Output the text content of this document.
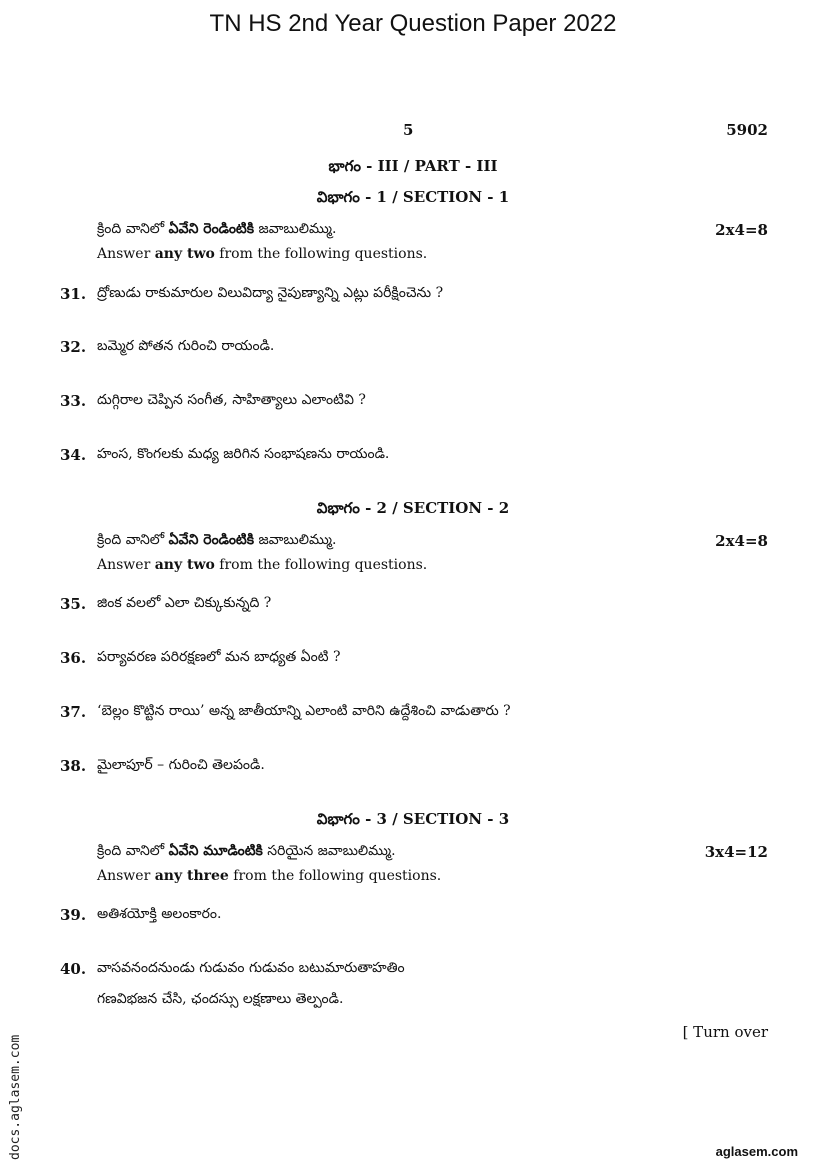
TN HS 2nd Year Question Paper 2022
5	5902
భాగం - III / PART - III
విభాగం - 1 / SECTION - 1
క్రింది వానిలో ఏవేని రెండింటికి జవాబులిమ్ము.	2x4=8
Answer any two from the following questions.
31. ద్రోణుడు రాకుమారుల విలువిద్యా నైపుణ్యాన్ని ఎట్లు పరీక్షించెను ?
32. బమ్మెర పోతన గురించి రాయండి.
33. దుగ్గిరాల చెప్పిన సంగీత, సాహిత్యాలు ఎలాంటివి ?
34. హంస, కొంగలకు మధ్య జరిగిన సంభాషణను రాయండి.
విభాగం - 2 / SECTION - 2
క్రింది వానిలో ఏవేని రెండింటికి జవాబులిమ్ము.	2x4=8
Answer any two from the following questions.
35. జింక వలలో ఎలా చిక్కుకున్నది ?
36. పర్యావరణ పరిరక్షణలో మన బాధ్యత ఏంటి ?
37. ‘బెల్లం కొట్టిన రాయి’ అన్న జాతీయాన్ని ఎలాంటి వారిని ఉద్దేశించి వాడుతారు ?
38. మైలాపూర్ – గురించి తెలపండి.
విభాగం - 3 / SECTION - 3
క్రింది వానిలో ఏవేని మూడింటికి సరియైన జవాబులిమ్ము.	3x4=12
Answer any three from the following questions.
39. అతిశయోక్తి అలంకారం.
40. వాసవనందనుండు గుడువం గుడువం బటుమారుతాహతిం
గణవిభజన చేసి, ఛందస్సు లక్షణాలు తెల్పండి.
[ Turn over
docs.aglasem.com	aglasem.com
